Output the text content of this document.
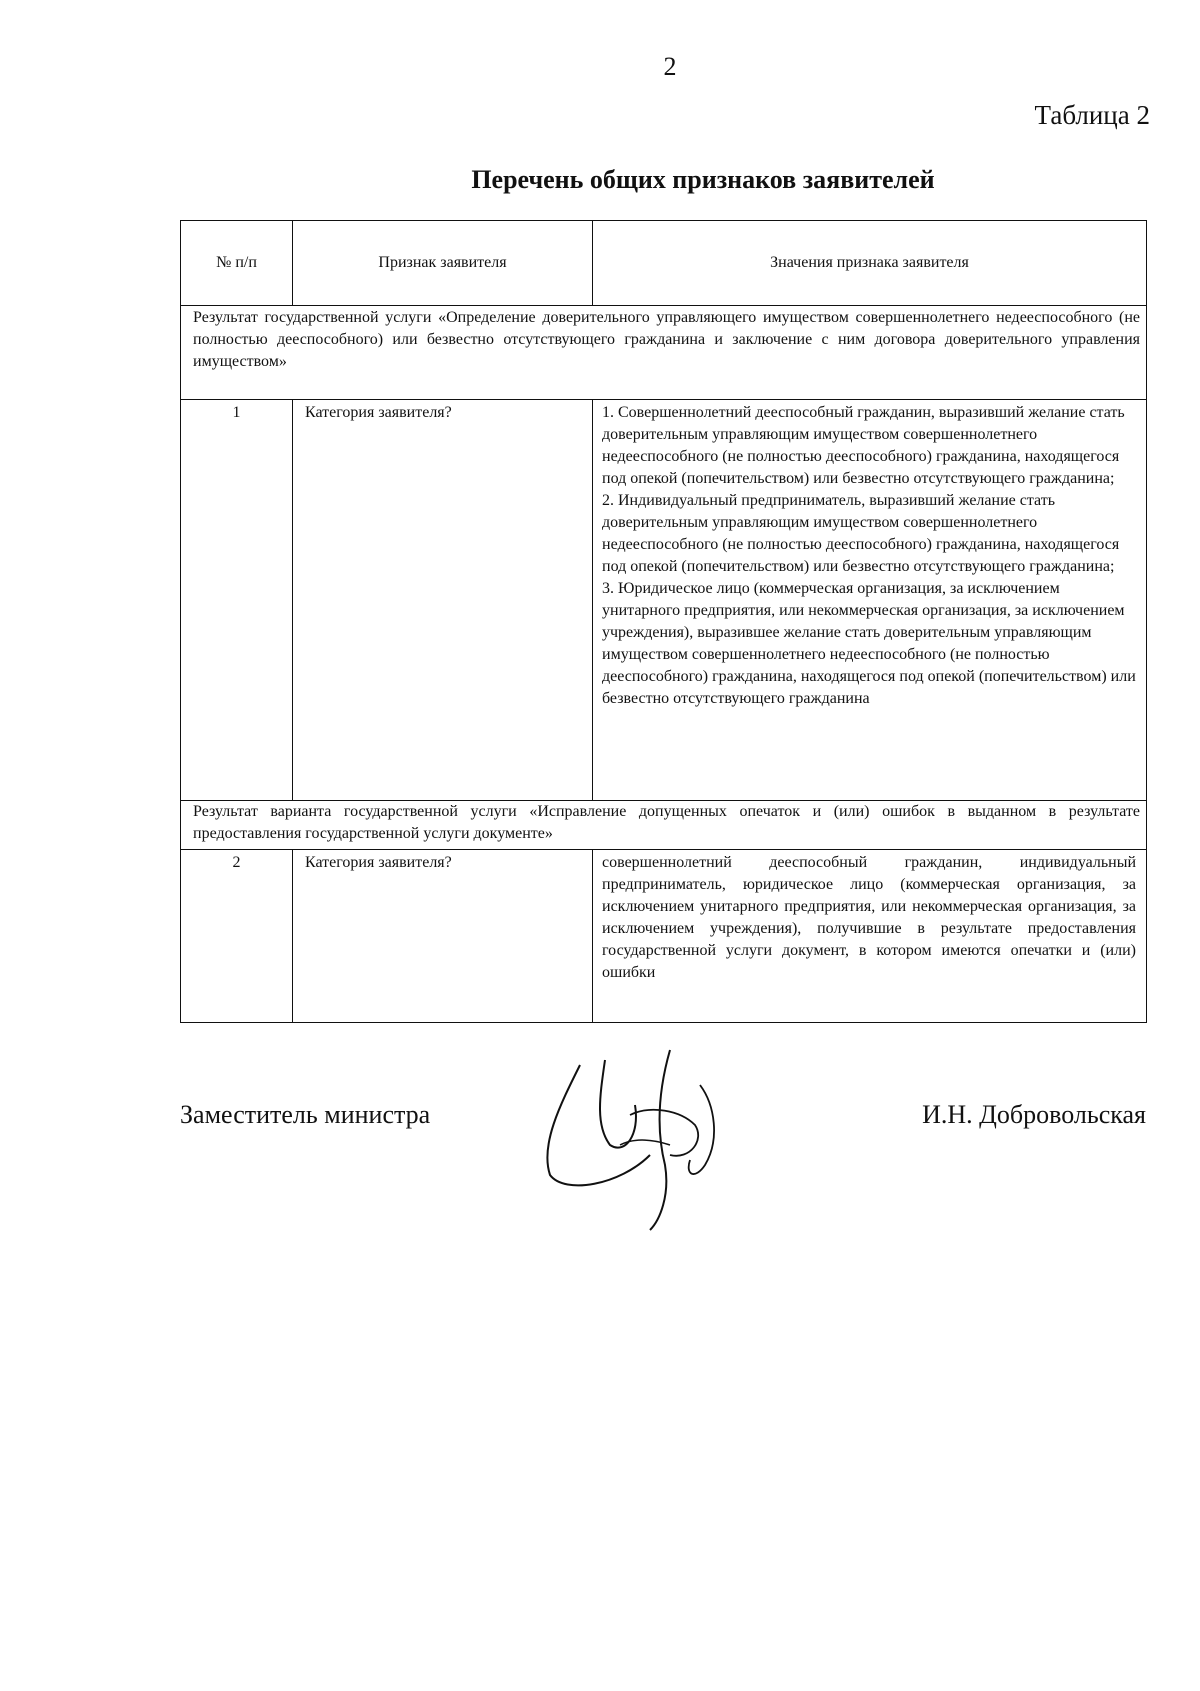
2
Таблица 2
Перечень общих признаков заявителей
№ п/п	Признак заявителя	Значения признака заявителя
Результат государственной услуги «Определение доверительного управляющего имуществом совершеннолетнего недееспособного (не полностью дееспособного) или безвестно отсутствующего гражданина и заключение с ним договора доверительного управления имуществом»		
1	Категория заявителя?	1. Совершеннолетний дееспособный гражданин, выразивший желание стать доверительным управляющим имуществом совершеннолетнего недееспособного (не полностью дееспособного) гражданина, находящегося под опекой (попечительством) или безвестно отсутствующего гражданина;
2. Индивидуальный предприниматель, выразивший желание стать доверительным управляющим имуществом совершеннолетнего недееспособного (не полностью дееспособного) гражданина, находящегося под опекой (попечительством) или безвестно отсутствующего гражданина;
3. Юридическое лицо (коммерческая организация, за исключением унитарного предприятия, или некоммерческая организация, за исключением учреждения), выразившее желание стать доверительным управляющим имуществом совершеннолетнего недееспособного (не полностью дееспособного) гражданина, находящегося под опекой (попечительством) или безвестно отсутствующего гражданина

Результат варианта государственной услуги «Исправление допущенных опечаток и (или) ошибок в выданном в результате предоставления государственной услуги документе»		
2	Категория заявителя?	совершеннолетний дееспособный гражданин, индивидуальный предприниматель, юридическое лицо (коммерческая организация, за исключением унитарного предприятия, или некоммерческая организация, за исключением учреждения), получившие в результате предоставления государственной услуги документ, в котором имеются опечатки и (или) ошибки
Заместитель министра	И.Н. Добровольская
